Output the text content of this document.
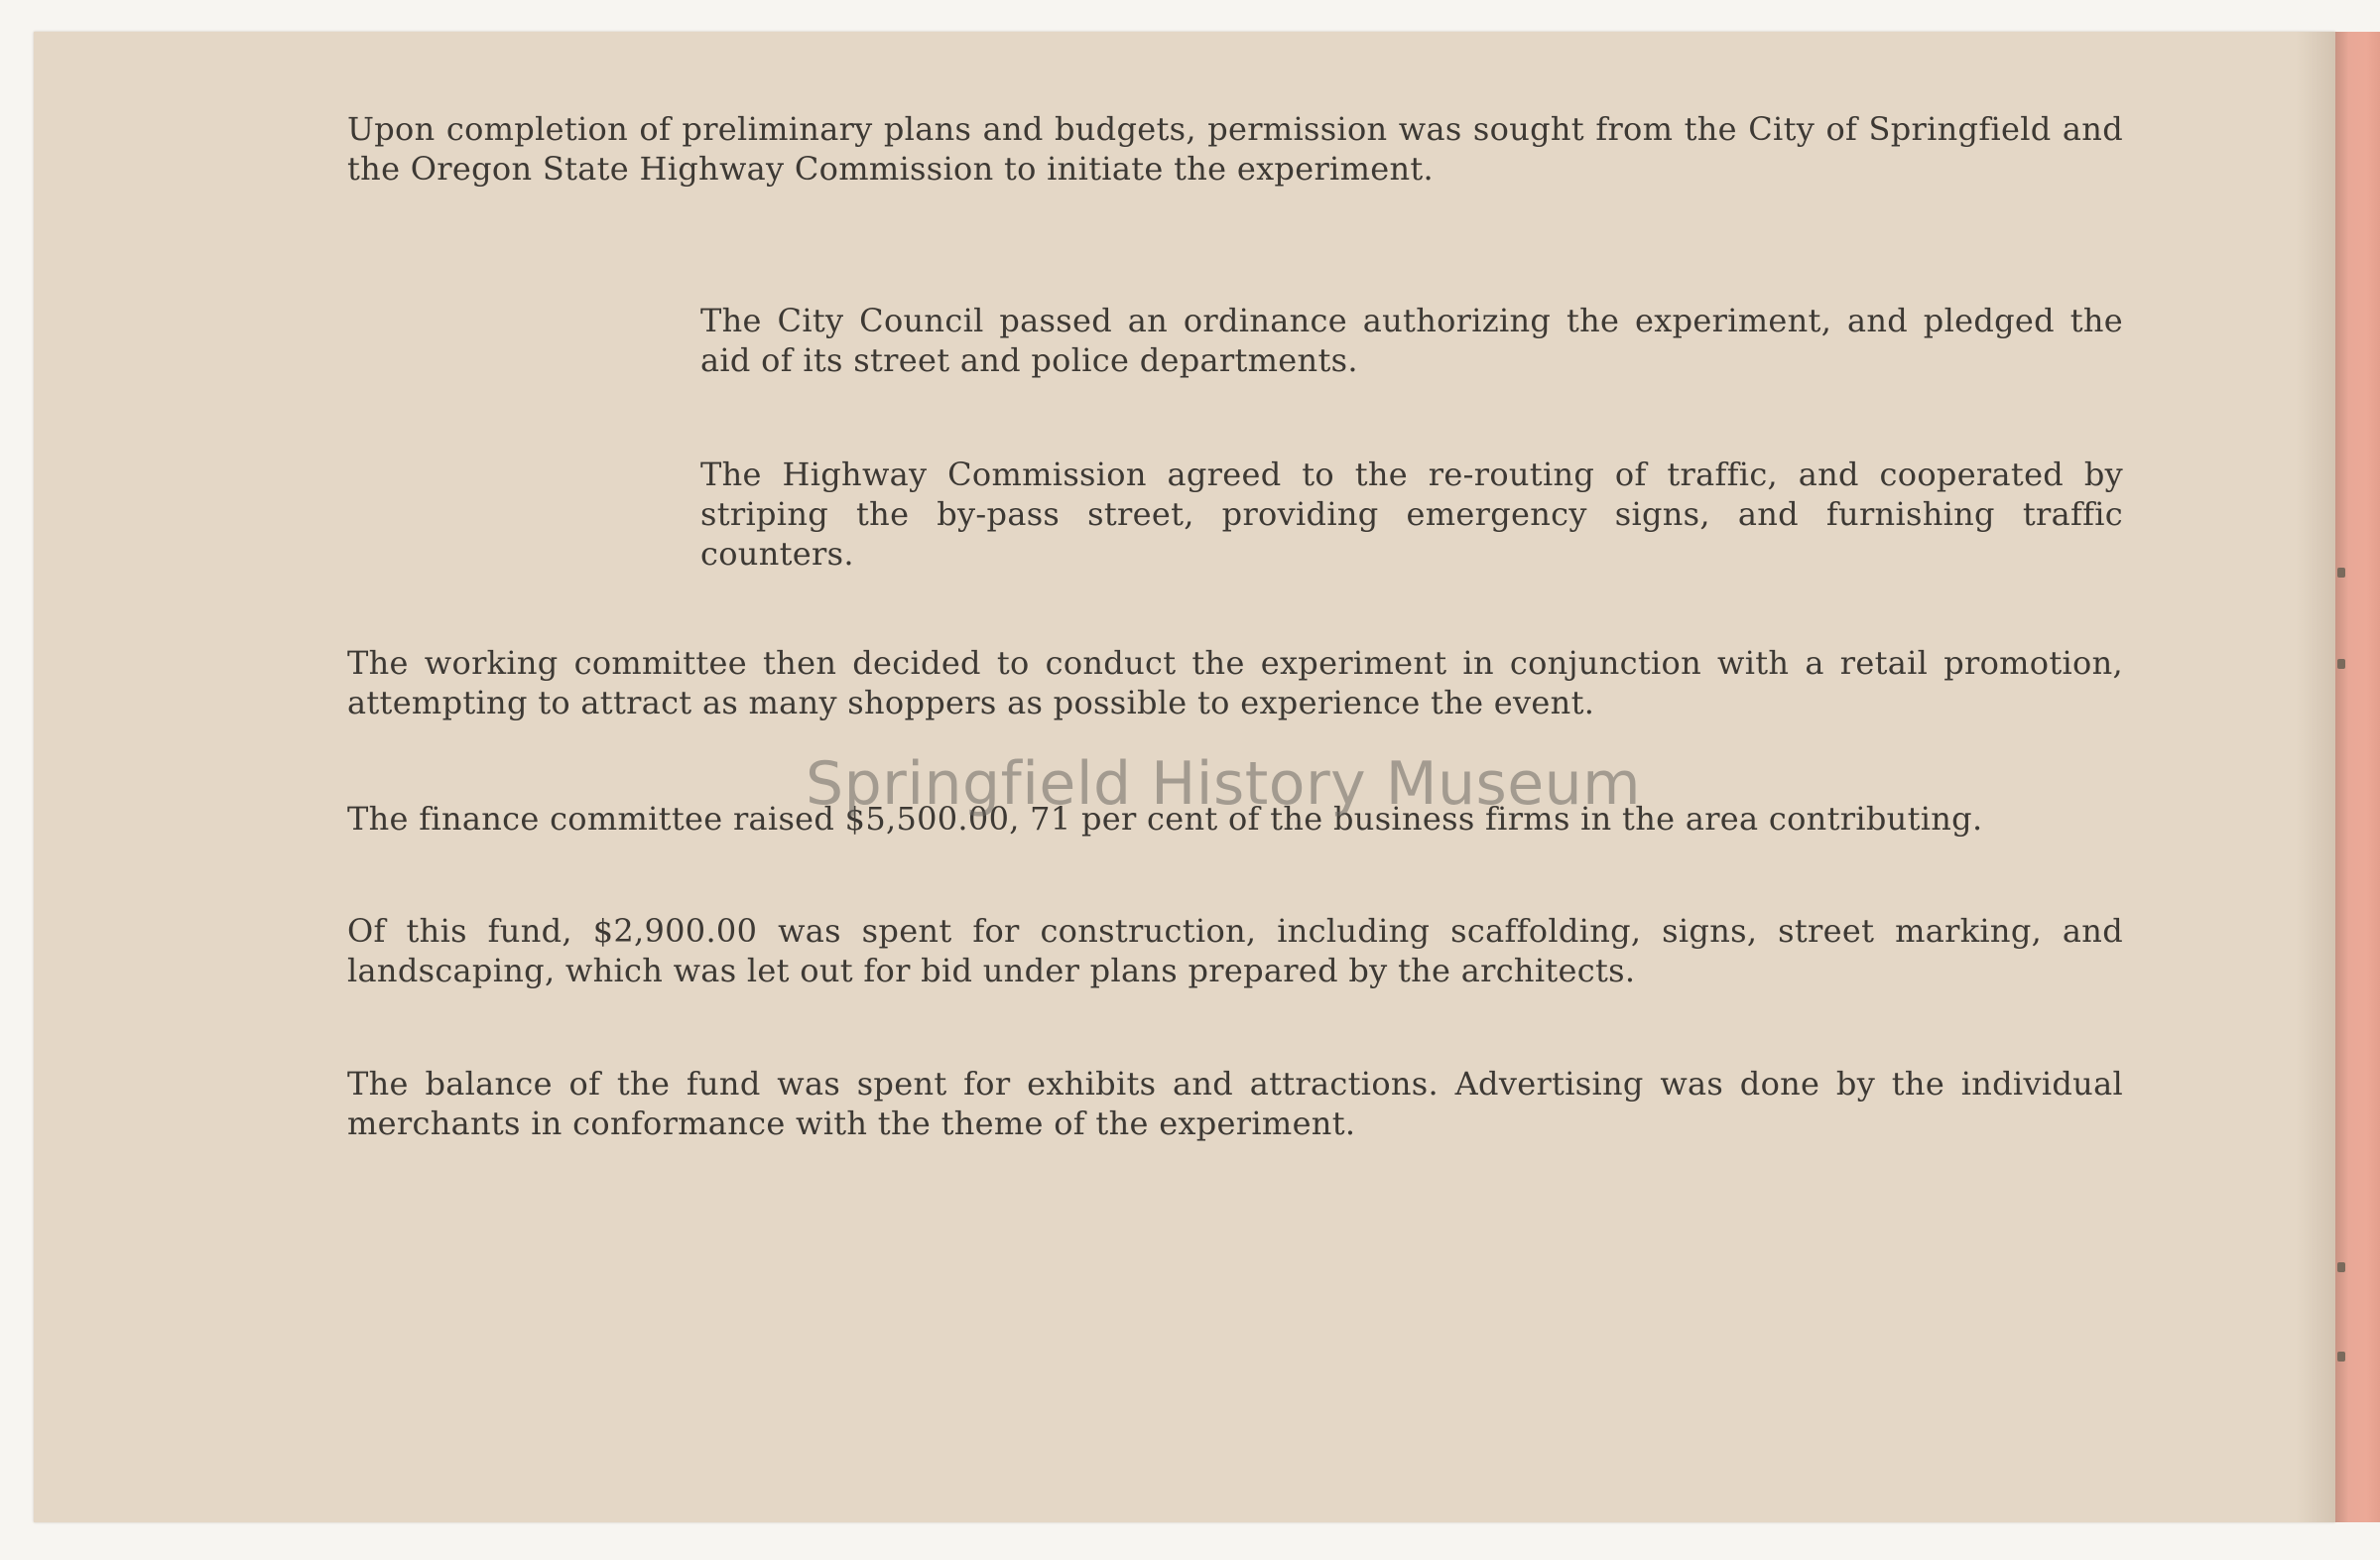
Upon completion of preliminary plans and budgets, permission was sought from the City of Springfield and the Oregon State Highway Commission to initiate the experiment.

The City Council passed an ordinance authorizing the experiment, and pledged the aid of its street and police departments.

The Highway Commission agreed to the re-routing of traffic, and cooperated by striping the by-pass street, providing emergency signs, and furnishing traffic counters.

The working committee then decided to conduct the experiment in conjunction with a retail promotion, attempting to attract as many shoppers as possible to experience the event.

The finance committee raised $5,500.00, 71 per cent of the business firms in the area contributing.

Of this fund, $2,900.00 was spent for construction, including scaffolding, signs, street marking, and landscaping, which was let out for bid under plans prepared by the architects.

The balance of the fund was spent for exhibits and attractions. Advertising was done by the individual merchants in conformance with the theme of the experiment.

Springfield History Museum
